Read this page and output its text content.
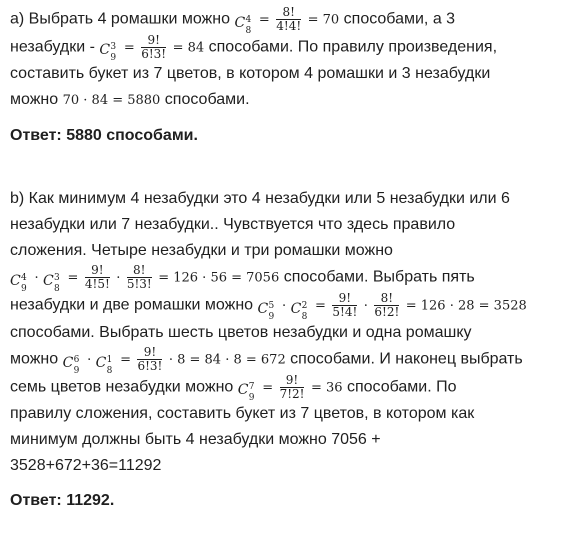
а) Выбрать 4 ромашки можно C 4
8
= $\frac{8!}{4!4!} = 70$ способами, а 3
незабудки - C 3
9
= $\frac{9!}{6!3!} = 84$ способами. По правилу произведения,
составить букет из 7 цветов, в котором 4 ромашки и 3 незабудки
можно 70 · 84 = 5880 способами.
Ответ: 5880 способами.
b) Как минимум 4 незабудки это 4 незабудки или 5 незабудки или 6
незабудки или 7 незабудки.. Чувствуется что здесь правило
сложения. Четыре незабудки и три ромашки можно
C 4
9
· C 3
8
= $\frac{9!}{4!5!} \cdot \frac{8!}{5!3!} = 126 \cdot 56 = 7056$ способами. Выбрать пять
незабудки и две ромашки можно C 5
9
· C 2
8
= $\frac{9!}{5!4!} \cdot \frac{8!}{6!2!} = 126 \cdot 28 = 3528$
способами. Выбрать шесть цветов незабудки и одна ромашку
можно C 6
9
· C 1
8
= $\frac{9!}{6!3!} \cdot 8 = 84 \cdot 8 = 672$ способами. И наконец выбрать
семь цветов незабудки можно C 7
9
= $\frac{9!}{7!2!} = 36$ способами. По
правилу сложения, составить букет из 7 цветов, в котором как
минимум должны быть 4 незабудки можно 7056 +
3528+672+36=11292
Ответ: 11292.
